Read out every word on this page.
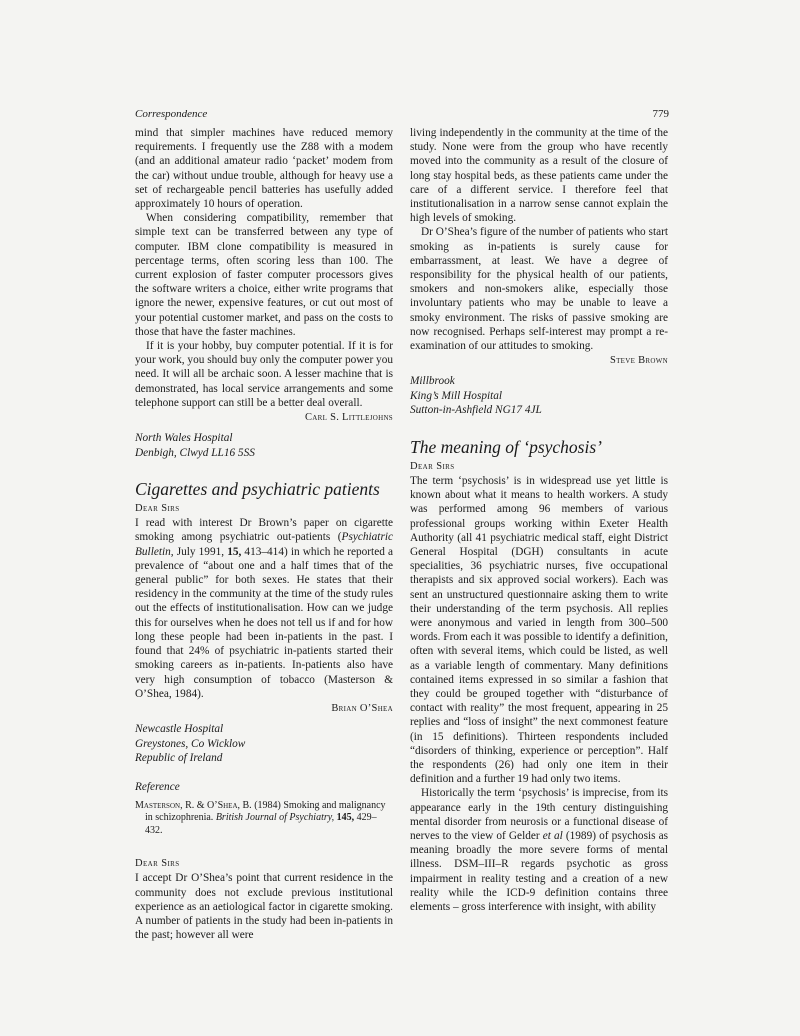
Correspondence	779

mind that simpler machines have reduced memory requirements. I frequently use the Z88 with a modem (and an additional amateur radio ‘packet’ modem from the car) without undue trouble, although for heavy use a set of rechargeable pencil batteries has usefully added approximately 10 hours of operation.

When considering compatibility, remember that simple text can be transferred between any type of computer. IBM clone compatibility is measured in percentage terms, often scoring less than 100. The current explosion of faster computer processors gives the software writers a choice, either write programs that ignore the newer, expensive features, or cut out most of your potential customer market, and pass on the costs to those that have the faster machines.

If it is your hobby, buy computer potential. If it is for your work, you should buy only the computer power you need. It will all be archaic soon. A lesser machine that is demonstrated, has local service arrangements and some telephone support can still be a better deal overall.

Carl S. Littlejohns
North Wales Hospital
Denbigh, Clwyd LL16 5SS
Cigarettes and psychiatric patients
Dear Sirs

I read with interest Dr Brown’s paper on cigarette smoking among psychiatric out-patients (Psychiatric Bulletin, July 1991, 15, 413–414) in which he reported a prevalence of “about one and a half times that of the general public” for both sexes. He states that their residency in the community at the time of the study rules out the effects of institutionalisation. How can we judge this for ourselves when he does not tell us if and for how long these people had been in-patients in the past. I found that 24% of psychiatric in-patients started their smoking careers as in-patients. In-patients also have very high consumption of tobacco (Masterson & O’Shea, 1984).

Brian O’Shea
Newcastle Hospital
Greystones, Co Wicklow
Republic of Ireland
Reference
Masterson, R. & O’Shea, B. (1984) Smoking and malignancy in schizophrenia. British Journal of Psychiatry, 145, 429–432.
Dear Sirs

I accept Dr O’Shea’s point that current residence in the community does not exclude previous institutional experience as an aetiological factor in cigarette smoking. A number of patients in the study had been in-patients in the past; however all were

living independently in the community at the time of the study. None were from the group who have recently moved into the community as a result of the closure of long stay hospital beds, as these patients came under the care of a different service. I therefore feel that institutionalisation in a narrow sense cannot explain the high levels of smoking.

Dr O’Shea’s figure of the number of patients who start smoking as in-patients is surely cause for embarrassment, at least. We have a degree of responsibility for the physical health of our patients, smokers and non-smokers alike, especially those involuntary patients who may be unable to leave a smoky environment. The risks of passive smoking are now recognised. Perhaps self-interest may prompt a re-examination of our attitudes to smoking.

Steve Brown
Millbrook
King’s Mill Hospital
Sutton-in-Ashfield NG17 4JL
The meaning of ‘psychosis’
Dear Sirs

The term ‘psychosis’ is in widespread use yet little is known about what it means to health workers. A study was performed among 96 members of various professional groups working within Exeter Health Authority (all 41 psychiatric medical staff, eight District General Hospital (DGH) consultants in acute specialities, 36 psychiatric nurses, five occupational therapists and six approved social workers). Each was sent an unstructured questionnaire asking them to write their understanding of the term psychosis. All replies were anonymous and varied in length from 300–500 words. From each it was possible to identify a definition, often with several items, which could be listed, as well as a variable length of commentary. Many definitions contained items expressed in so similar a fashion that they could be grouped together with “disturbance of contact with reality” the most frequent, appearing in 25 replies and “loss of insight” the next commonest feature (in 15 definitions). Thirteen respondents included “disorders of thinking, experience or perception”. Half the respondents (26) had only one item in their definition and a further 19 had only two items.

Historically the term ‘psychosis’ is imprecise, from its appearance early in the 19th century distinguishing mental disorder from neurosis or a functional disease of nerves to the view of Gelder et al (1989) of psychosis as meaning broadly the more severe forms of mental illness. DSM–III–R regards psychotic as gross impairment in reality testing and a creation of a new reality while the ICD-9 definition contains three elements – gross interference with insight, with ability
